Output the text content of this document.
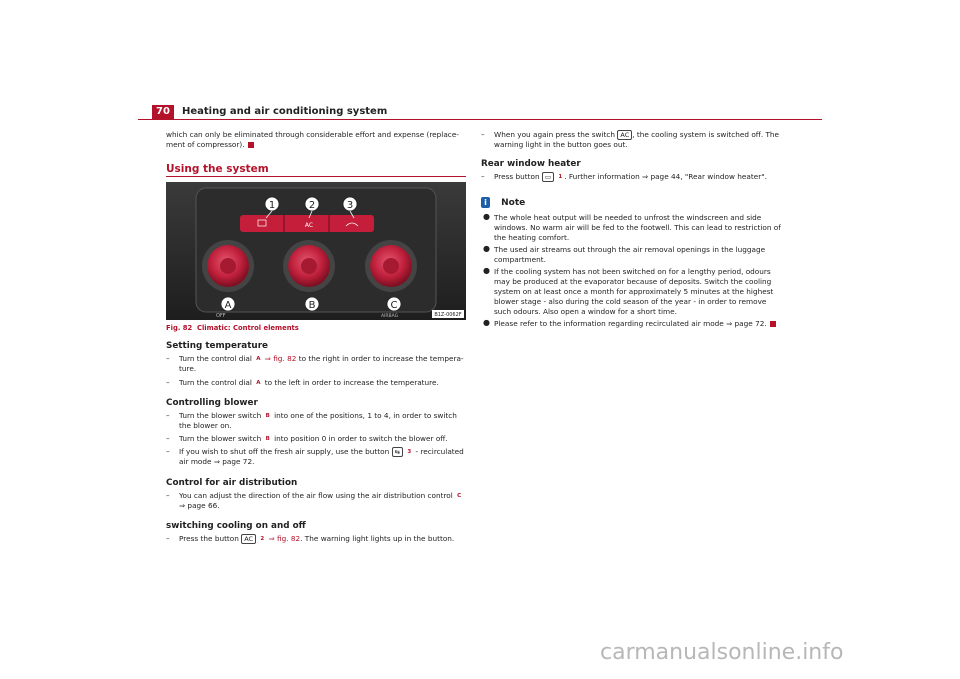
70	Heating and air conditioning system
which can only be eliminated through considerable effort and expense (replace-ment of compressor).
Using the system
AC
OFF	AIRBAG
1	2	3
A	B	C
B1Z-0062F
Fig. 82 Climatic: Control elements
Setting temperature
– Turn the control dial A ⇒ fig. 82 to the right in order to increase the tempera-ture.
– Turn the control dial A to the left in order to increase the temperature.
Controlling blower
– Turn the blower switch B into one of the positions, 1 to 4, in order to switch the blower on.
– Turn the blower switch B into position 0 in order to switch the blower off.
– If you wish to shut off the fresh air supply, use the button ⇆ 3 - recirculated air mode ⇒ page 72.
Control for air distribution
– You can adjust the direction of the air flow using the air distribution control C ⇒ page 66.
switching cooling on and off
– Press the button AC 2 ⇒ fig. 82. The warning light lights up in the button.
– When you again press the switch AC , the cooling system is switched off. The warning light in the button goes out.
Rear window heater
– Press button ▭ 1 . Further information ⇒ page 44, "Rear window heater".
i Note
● The whole heat output will be needed to unfrost the windscreen and side windows. No warm air will be fed to the footwell. This can lead to restriction of the heating comfort.
● The used air streams out through the air removal openings in the luggage compartment.
● If the cooling system has not been switched on for a lengthy period, odours may be produced at the evaporator because of deposits. Switch the cooling system on at least once a month for approximately 5 minutes at the highest blower stage - also during the cold season of the year - in order to remove such odours. Also open a window for a short time.
● Please refer to the information regarding recirculated air mode ⇒ page 72.
carmanualsonline.info
